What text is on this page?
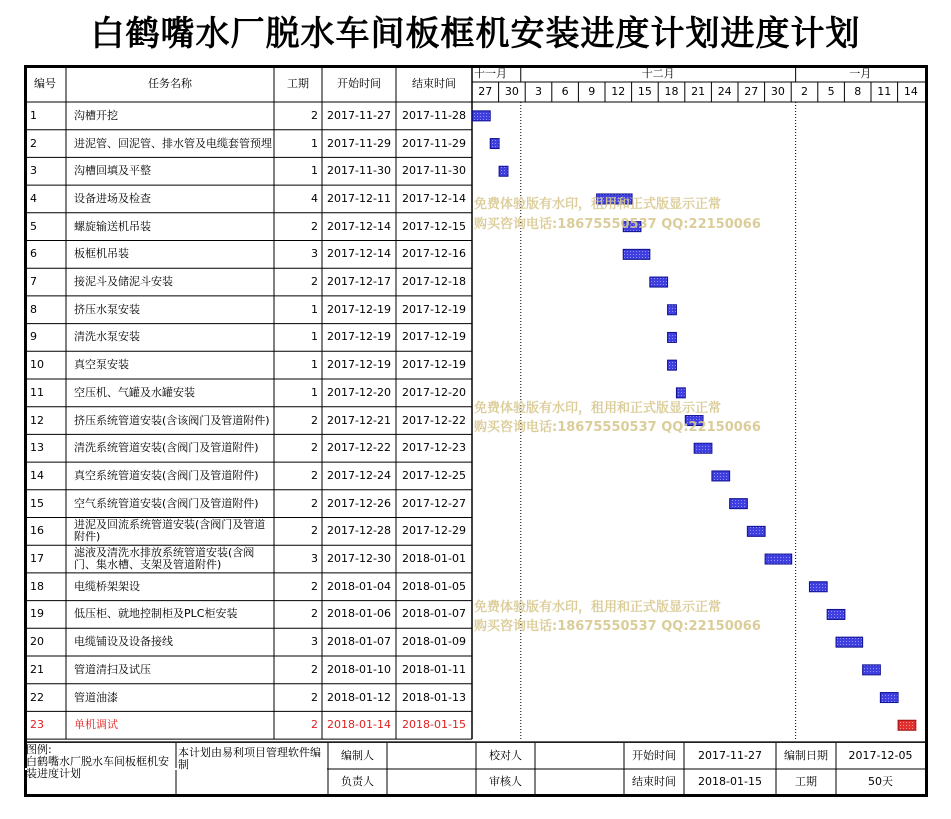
白鹤嘴水厂脱水车间板框机安装进度计划进度计划
编号	任务名称	工期	开始时间	结束时间
十一月	十二月	一月
27	30	3	6	9	12	15	18	21	24	27	30	2	5	8	11	14
1	沟槽开挖	2 2017-11-27	2017-11-28
2	进泥管、回泥管、排水管及电缆套管预埋	1 2017-11-29	2017-11-29
3	沟槽回填及平整	1 2017-11-30	2017-11-30
4	设备进场及检查	4 2017-12-11	2017-12-14
5	螺旋输送机吊装	2 2017-12-14	2017-12-15
6	板框机吊装	3 2017-12-14	2017-12-16
7	接泥斗及储泥斗安装	2 2017-12-17	2017-12-18
8	挤压水泵安装	1 2017-12-19	2017-12-19
9	清洗水泵安装	1 2017-12-19	2017-12-19
10	真空泵安装	1 2017-12-19	2017-12-19
11	空压机、气罐及水罐安装	1 2017-12-20	2017-12-20
12	挤压系统管道安装(含该阀门及管道附件)	2 2017-12-21	2017-12-22
13	清洗系统管道安装(含阀门及管道附件)	2 2017-12-22	2017-12-23
14	真空系统管道安装(含阀门及管道附件)	2 2017-12-24	2017-12-25
15	空气系统管道安装(含阀门及管道附件)	2 2017-12-26	2017-12-27
16	进泥及回流系统管道安装(含阀门及管道附件)	2 2017-12-28	2017-12-29
17	滤液及清洗水排放系统管道安装(含阀门、集水槽、支架及管道附件)	3 2017-12-30	2018-01-01
18	电缆桥架架设	2 2018-01-04	2018-01-05
19	低压柜、就地控制柜及PLC柜安装	2 2018-01-06	2018-01-07
20	电缆铺设及设备接线	3 2018-01-07	2018-01-09
21	管道清扫及试压	2 2018-01-10	2018-01-11
22	管道油漆	2 2018-01-12	2018-01-13
23	单机调试	2 2018-01-14	2018-01-15
图例:
白鹤嘴水厂脱水车间板框机安装进度计划
本计划由易利项目管理软件编制
编制人	校对人	开始时间	2017-11-27	编制日期	2017-12-05
负责人	审核人	结束时间	2018-01-15	工期	50天
免费体验版有水印，租用和正式版显示正常
购买咨询电话:18675550537 QQ:22150066
免费体验版有水印，租用和正式版显示正常
购买咨询电话:18675550537 QQ:22150066
免费体验版有水印，租用和正式版显示正常
购买咨询电话:18675550537 QQ:22150066
